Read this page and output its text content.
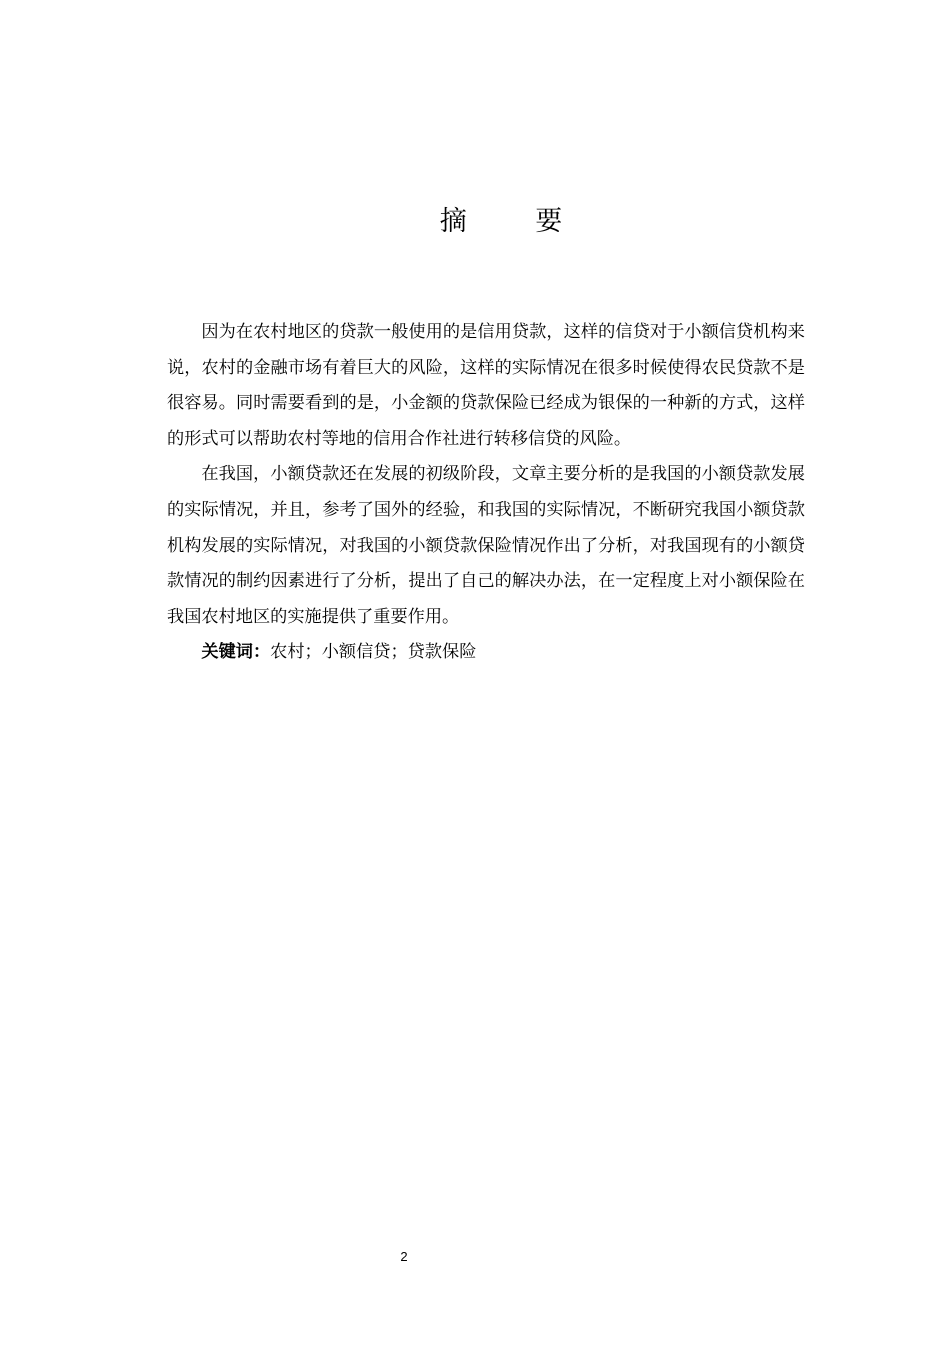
摘 要

因为在农村地区的贷款一般使用的是信用贷款，这样的信贷对于小额信贷机构来说，农村的金融市场有着巨大的风险，这样的实际情况在很多时候使得农民贷款不是很容易。同时需要看到的是，小金额的贷款保险已经成为银保的一种新的方式，这样的形式可以帮助农村等地的信用合作社进行转移信贷的风险。

在我国，小额贷款还在发展的初级阶段，文章主要分析的是我国的小额贷款发展的实际情况，并且，参考了国外的经验，和我国的实际情况，不断研究我国小额贷款机构发展的实际情况，对我国的小额贷款保险情况作出了分析，对我国现有的小额贷款情况的制约因素进行了分析，提出了自己的解决办法，在一定程度上对小额保险在我国农村地区的实施提供了重要作用。

关键词：农村；小额信贷；贷款保险

2
